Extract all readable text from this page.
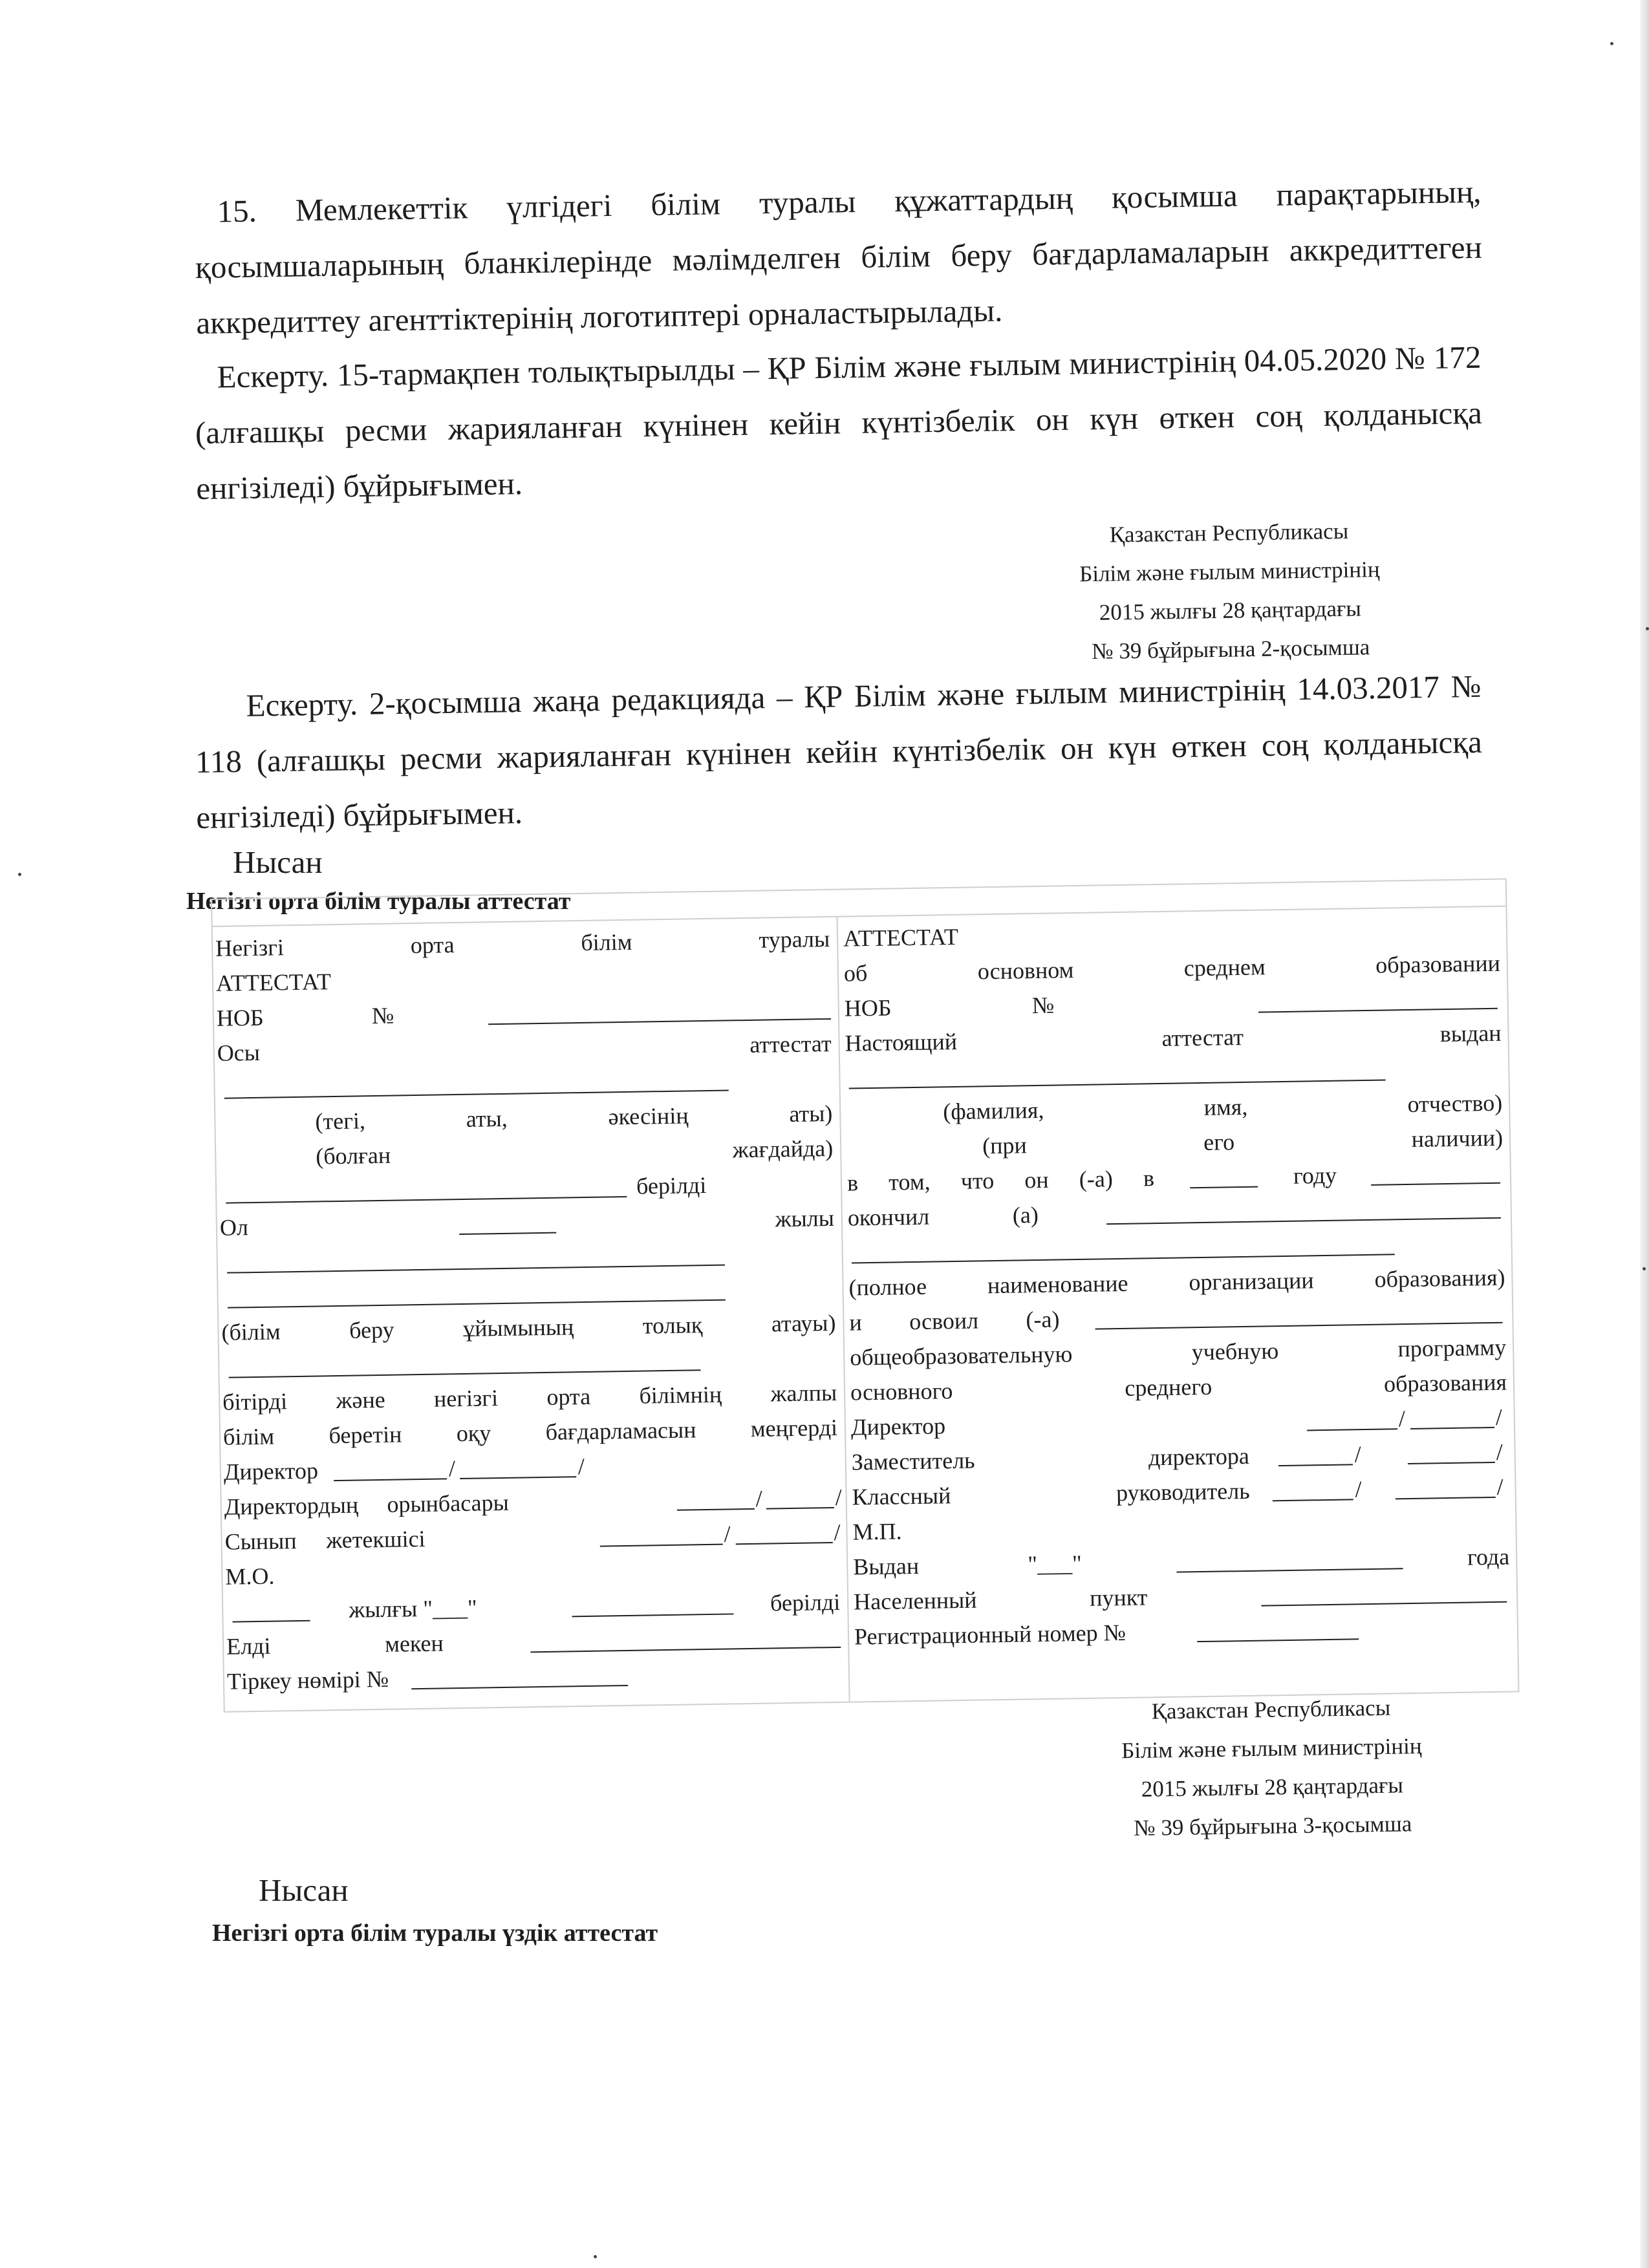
15. Мемлекеттік үлгідегі білім туралы құжаттардың қосымша парақтарының, қосымшаларының бланкілерінде мәлімделген білім беру бағдарламаларын аккредиттеген аккредиттеу агенттіктерінің логотиптері орналастырылады.

Ескерту. 15-тармақпен толықтырылды – ҚР Білім және ғылым министрінің 04.05.2020 № 172 (алғашқы ресми жарияланған күнінен кейін күнтізбелік он күн өткен соң қолданысқа енгізіледі) бұйрығымен.

Қазакстан Республикасы
Білім және ғылым министрінің
2015 жылғы 28 қаңтардағы
№ 39 бұйрығына 2-қосымша

Ескерту. 2-қосымша жаңа редакцияда – ҚР Білім және ғылым министрінің 14.03.2017 № 118 (алғашқы ресми жарияланған күнінен кейін күнтізбелік он күн өткен соң қолданысқа енгізіледі) бұйрығымен.

Нысан
Негізгі орта білім туралы аттестат
Негізгі орта білім туралы
АТТЕСТАТ
НОБ	№
Осы	аттестат
(тегі, аты, әкесінің аты)
(болған жағдайда)
берілді
Ол	жылы
(білім беру ұйымының толық атауы)
бітірді және негізгі орта білімнің жалпы
білім беретін оқу бағдарламасын меңгерді
Директор	/	/
Директордың орынбасары	/	/
Сынып жетекшісі	/	/
М.О.
жылғы "___"	берілді
Елді	мекен
Тіркеу нөмірі №
АТТЕСТАТ
об основном среднем образовании
НОБ	№
Настоящий	аттестат	выдан
(фамилия, имя, отчество)
(при его наличии)
в том, что он (-а) в	году
окончил	(а)
(полное наименование организации образования)
и освоил (-а)
общеобразовательную учебную программу
основного среднего образования
Директор	/	/
Заместитель директора	/	/
Классный руководитель	/	/
М.П.
Выдан	"___"	года
Населенный	пункт
Регистрационный номер №
Қазакстан Республикасы
Білім және ғылым министрінің
2015 жылғы 28 қаңтардағы
№ 39 бұйрығына 3-қосымша
Нысан
Негізгі орта білім туралы үздік аттестат
